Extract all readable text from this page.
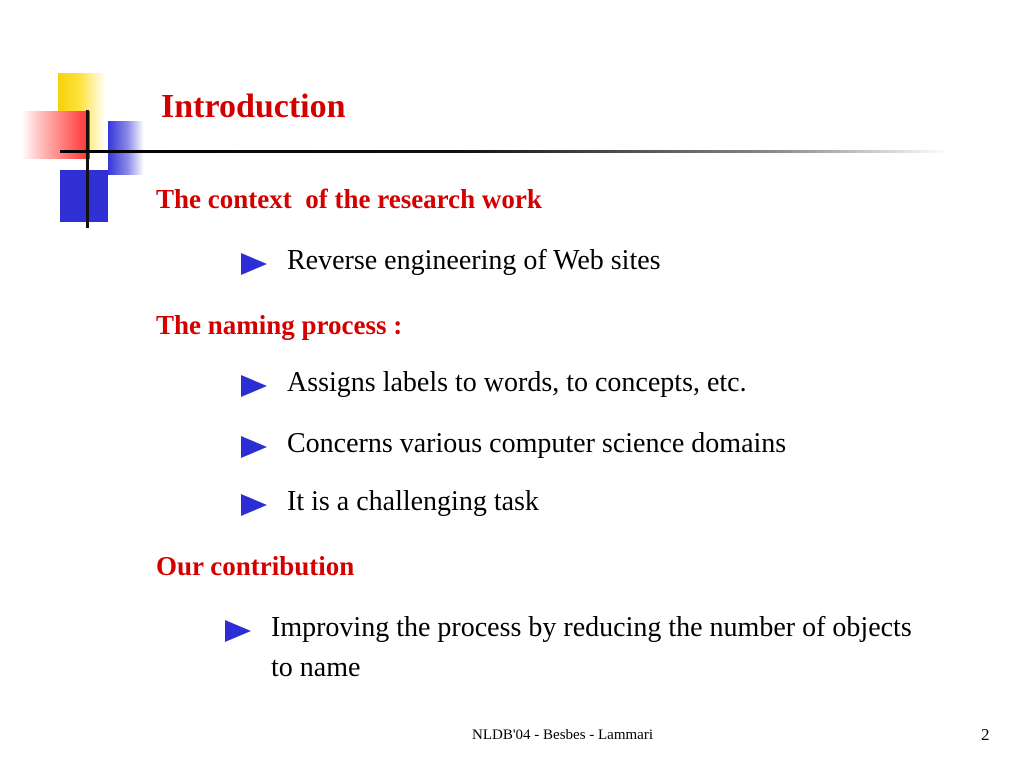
Introduction
The context  of the research work
Reverse engineering of Web sites
The naming process :
Assigns labels to words, to concepts, etc.
Concerns various computer science domains
It is a challenging task
Our contribution
Improving the process by reducing the number of objects to name
NLDB'04 - Besbes - Lammari	2
